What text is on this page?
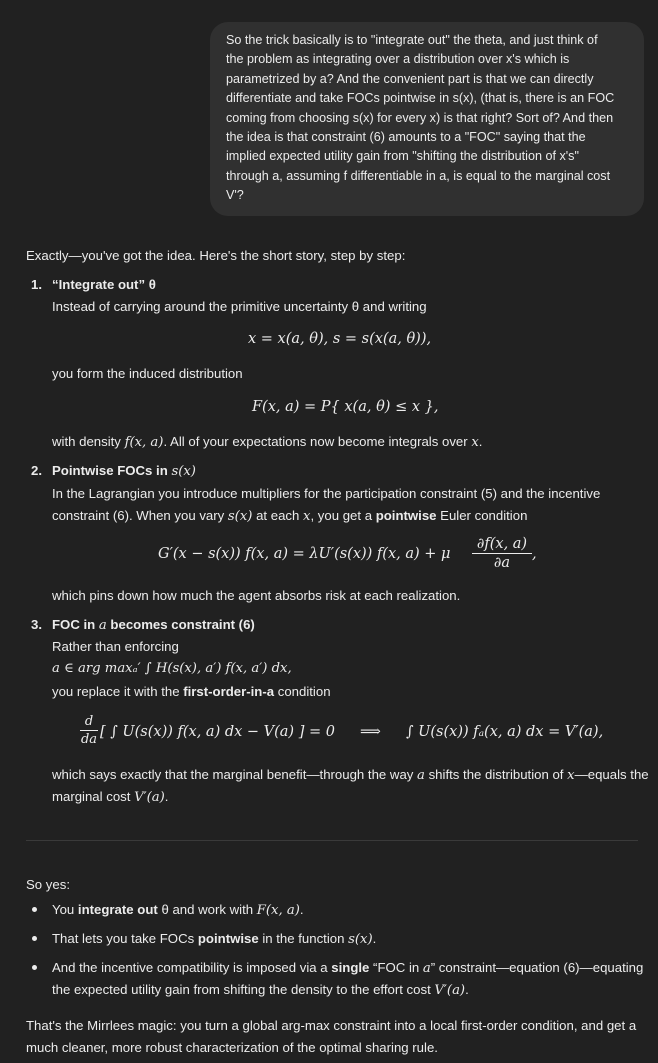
So the trick basically is to "integrate out" the theta, and just think of
the problem as integrating over a distribution over x's which is
parametrized by a? And the convenient part is that we can directly
differentiate and take FOCs pointwise in s(x), (that is, there is an FOC
coming from choosing s(x) for every x) is that right? Sort of? And then
the idea is that constraint (6) amounts to a "FOC" saying that the
implied expected utility gain from "shifting the distribution of x's"
through a, assuming f differentiable in a, is equal to the marginal cost
V'?
Exactly—you've got the idea. Here's the short story, step by step:
1. “Integrate out” θ
Instead of carrying around the primitive uncertainty θ and writing
x = x(a, θ), s = s(x(a, θ)),
you form the induced distribution
F(x, a) = P{ x(a, θ) ≤ x },
with density f(x, a). All of your expectations now become integrals over x.
2. Pointwise FOCs in s(x)
In the Lagrangian you introduce multipliers for the participation constraint (5) and the incentive
constraint (6). When you vary s(x) at each x, you get a pointwise Euler condition
G′(x − s(x)) f(x, a) = λU′(s(x)) f(x, a) + μ $\frac{\partial f(x, a)}{\partial a}$ ,
which pins down how much the agent absorbs risk at each realization.
3. FOC in a becomes constraint (6)
Rather than enforcing
a ∈ arg maxₐ′ ∫ H(s(x), a′) f(x, a′) dx,
you replace it with the first-order-in-a condition
$\frac{d}{da}$ [ ∫ U(s(x)) f(x, a) dx − V(a) ] = 0 ⟹ ∫ U(s(x)) fₐ(x, a) dx = V′(a),
which says exactly that the marginal benefit—through the way a shifts the distribution of x—equals the
marginal cost V′(a).
So yes:
You integrate out θ and work with F(x, a).
That lets you take FOCs pointwise in the function s(x).
And the incentive compatibility is imposed via a single “FOC in a” constraint—equation (6)—equating
the expected utility gain from shifting the density to the effort cost V′(a).
That's the Mirrlees magic: you turn a global arg-max constraint into a local first-order condition, and get a
much cleaner, more robust characterization of the optimal sharing rule.
